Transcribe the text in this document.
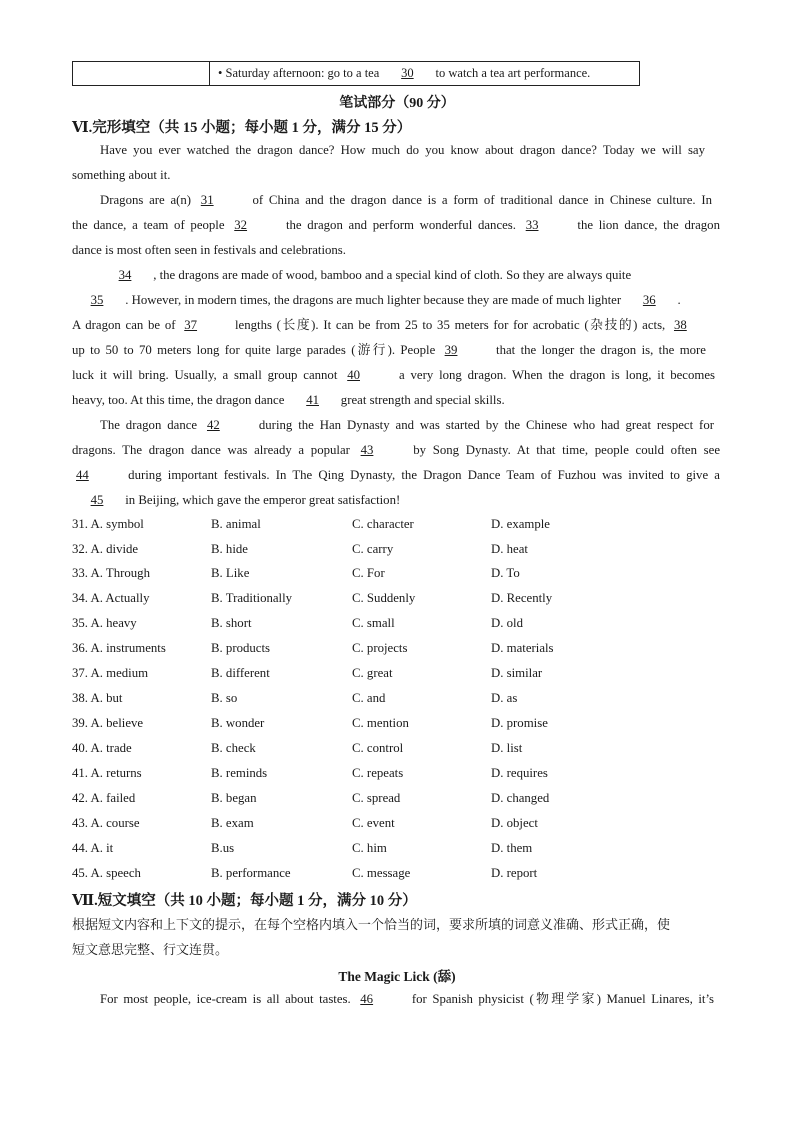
• Saturday afternoon: go to a tea 30 to watch a tea art performance.
笔试部分（90 分）
Ⅵ.完形填空（共 15 小题；每小题 1 分，满分 15 分）
Have you ever watched the dragon dance? How much do you know about dragon dance? Today we will say
something about it.
Dragons are a(n) 31	of China and the dragon dance is a form of traditional dance in Chinese culture. In
the dance, a team of people 32	the dragon and perform wonderful dances. 33	the lion dance, the dragon
dance is most often seen in festivals and celebrations.
34 , the dragons are made of wood, bamboo and a special kind of cloth. So they are always quite
35 . However, in modern times, the dragons are much lighter because they are made of much lighter 36 .
A dragon can be of 37	lengths (长度). It can be from 25 to 35 meters for for acrobatic (杂技的) acts, 38
up to 50 to 70 meters long for quite large parades (游行). People 39	that the longer the dragon is, the more
luck it will bring. Usually, a small group cannot 40	a very long dragon. When the dragon is long, it becomes
heavy, too. At this time, the dragon dance 41 great strength and special skills.
The dragon dance 42	during the Han Dynasty and was started by the Chinese who had great respect for
dragons. The dragon dance was already a popular 43	by Song Dynasty. At that time, people could often see
44	during important festivals. In The Qing Dynasty, the Dragon Dance Team of Fuzhou was invited to give a
45 in Beijing, which gave the emperor great satisfaction!
31. A. symbol	B. animal	C. character	D. example
32. A. divide	B. hide	C. carry	D. heat
33. A. Through	B. Like	C. For	D. To
34. A. Actually	B. Traditionally	C. Suddenly	D. Recently
35. A. heavy	B. short	C. small	D. old
36. A. instruments	B. products	C. projects	D. materials
37. A. medium	B. different	C. great	D. similar
38. A. but	B. so	C. and	D. as
39. A. believe	B. wonder	C. mention	D. promise
40. A. trade	B. check	C. control	D. list
41. A. returns	B. reminds	C. repeats	D. requires
42. A. failed	B. began	C. spread	D. changed
43. A. course	B. exam	C. event	D. object
44. A. it	B.us	C. him	D. them
45. A. speech	B. performance	C. message	D. report
Ⅶ.短文填空（共 10 小题；每小题 1 分，满分 10 分）
根据短文内容和上下文的提示，在每个空格内填入一个恰当的词，要求所填的词意义准确、形式正确，使
短文意思完整、行文连贯。
The Magic Lick (舔)
For most people, ice-cream is all about tastes. 46	for Spanish physicist (物理学家) Manuel Linares, it’s
